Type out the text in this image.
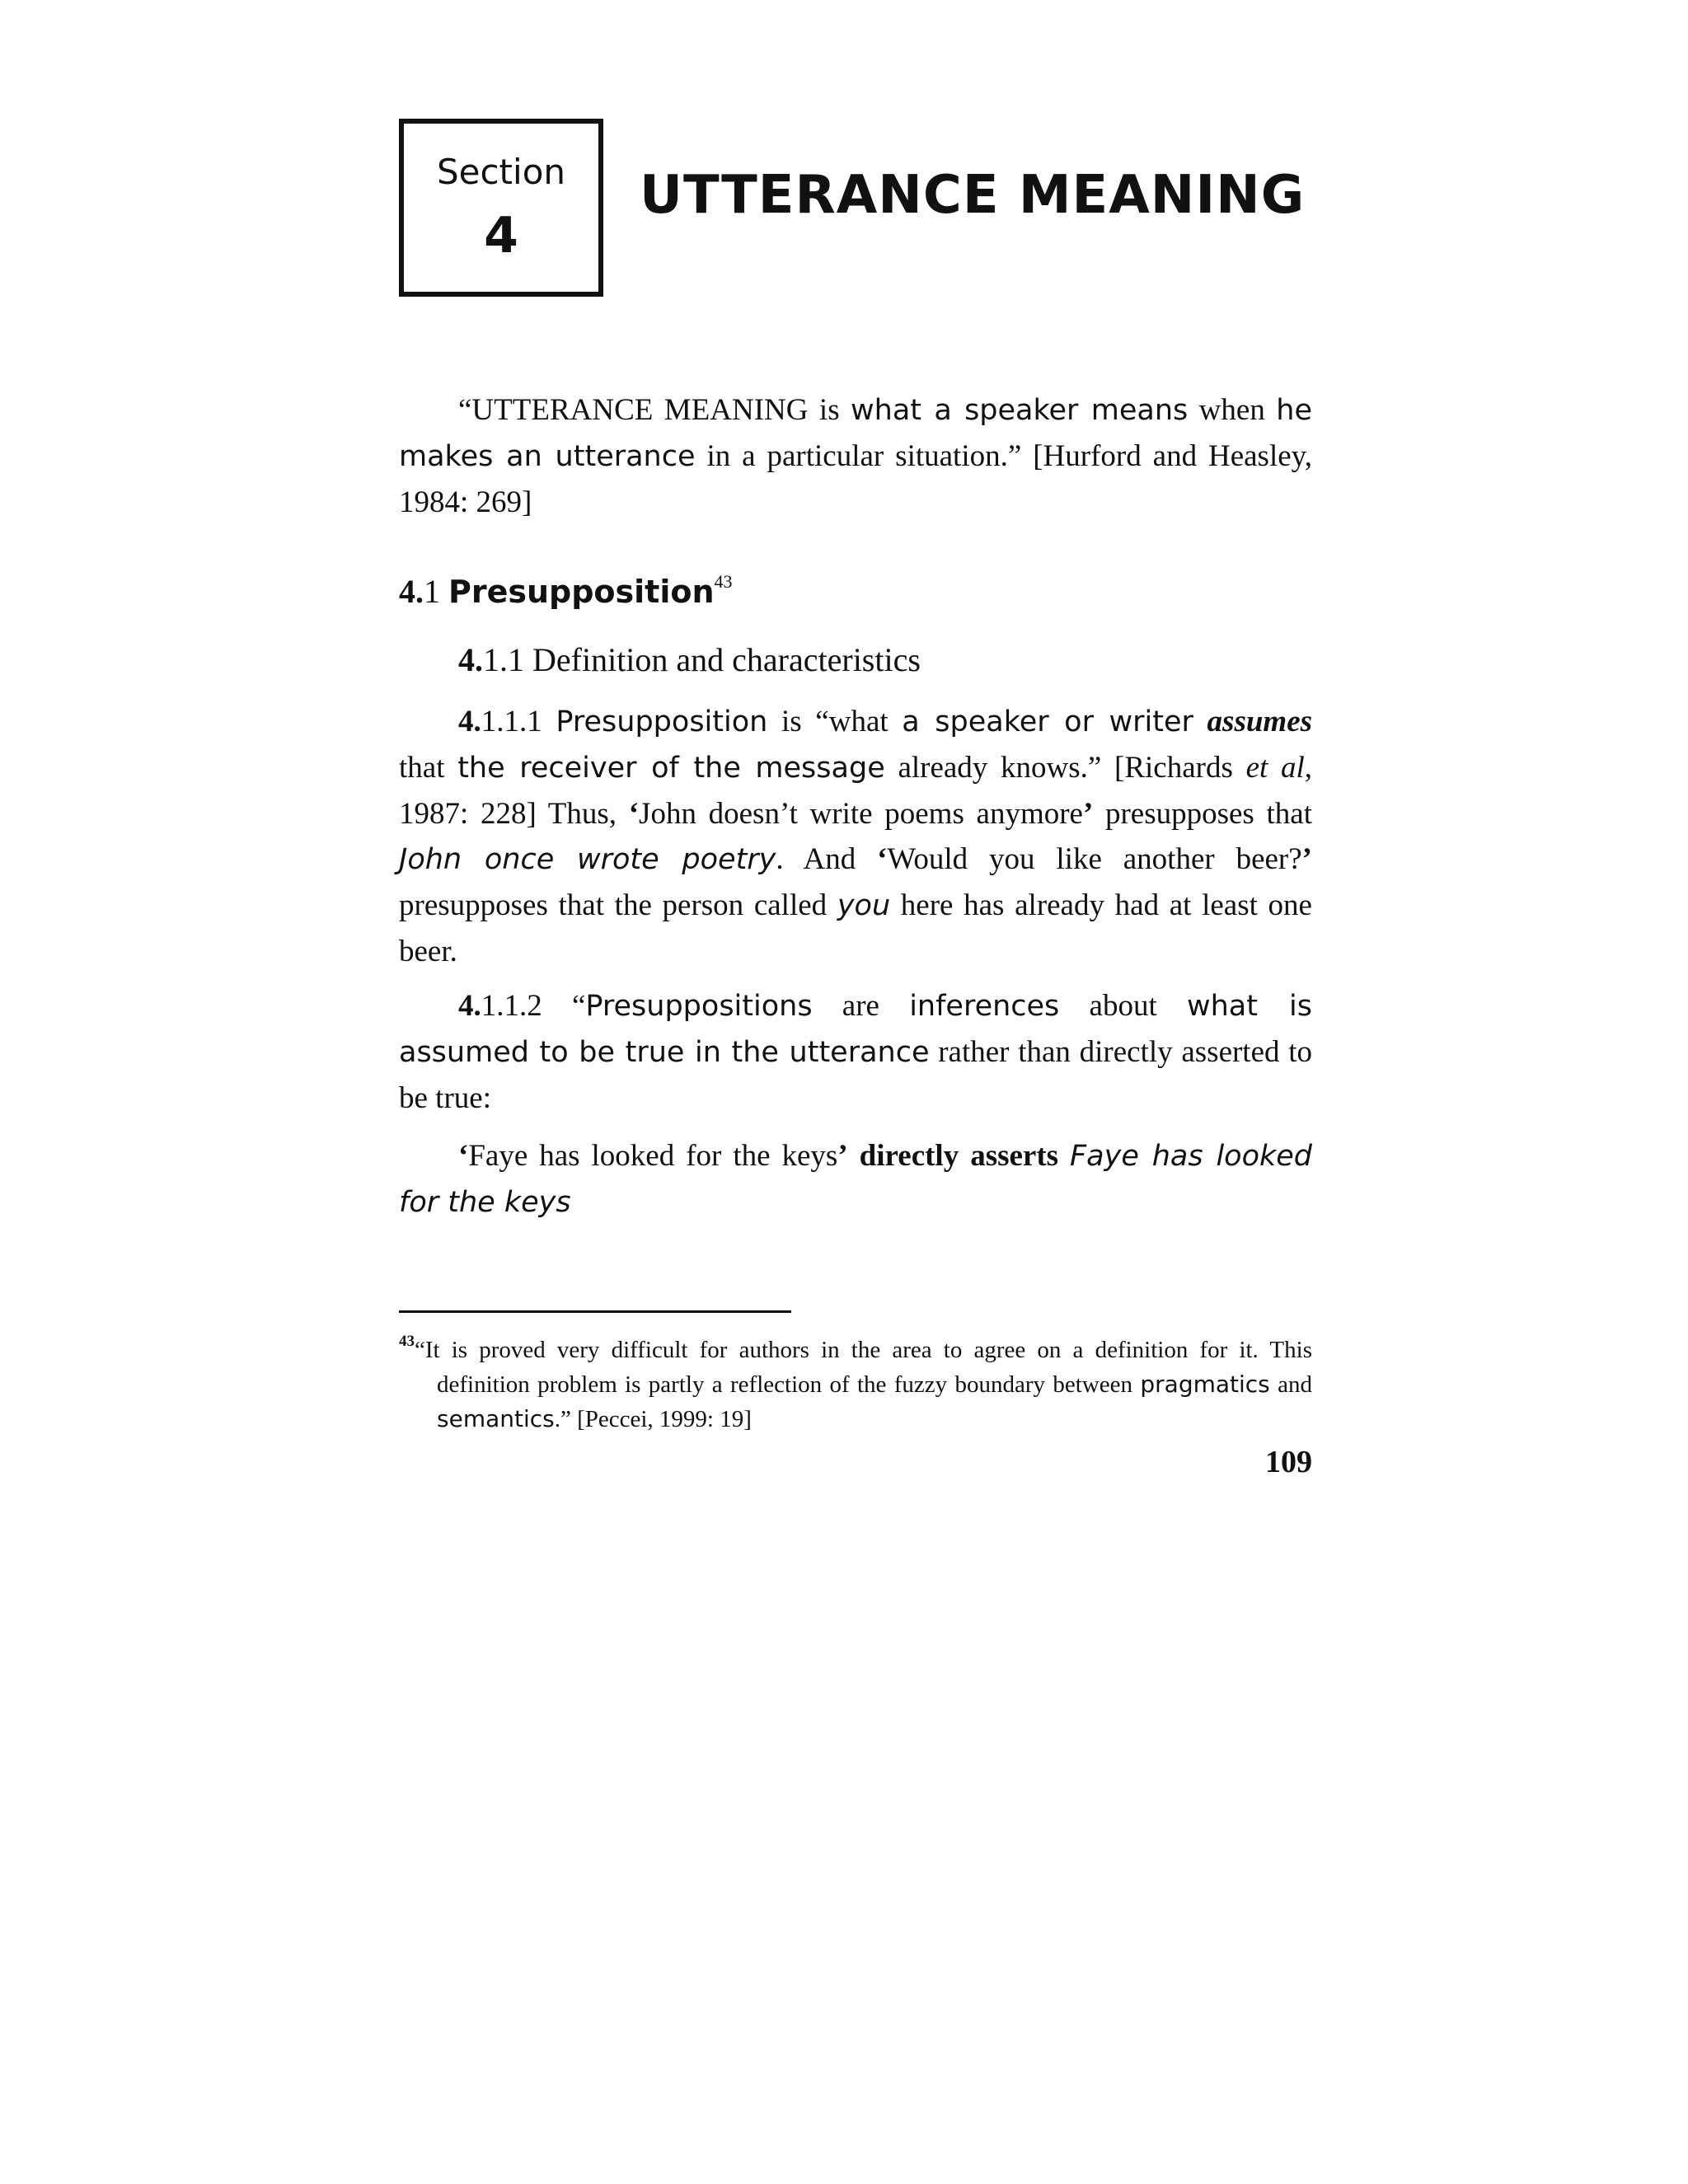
Section
4
UTTERANCE MEANING

“UTTERANCE MEANING is what a speaker means when he makes an utterance in a particular situation.” [Hurford and Heasley, 1984: 269]

4.1 Presupposition$^{43}$
4.1.1 Definition and characteristics

4.1.1.1 Presupposition is “what a speaker or writer assumes that the receiver of the message already knows.” [Richards et al, 1987: 228] Thus, ‘John doesn’t write poems anymore’ presupposes that John once wrote poetry. And ‘Would you like another beer?’ presupposes that the person called you here has already had at least one beer.

4.1.1.2 “Presuppositions are inferences about what is assumed to be true in the utterance rather than directly asserted to be true:

‘Faye has looked for the keys’ directly asserts Faye has looked for the keys

$^{43}$“It is proved very difficult for authors in the area to agree on a definition for it. This definition problem is partly a reflection of the fuzzy boundary between pragmatics and semantics.” [Peccei, 1999: 19]

109
